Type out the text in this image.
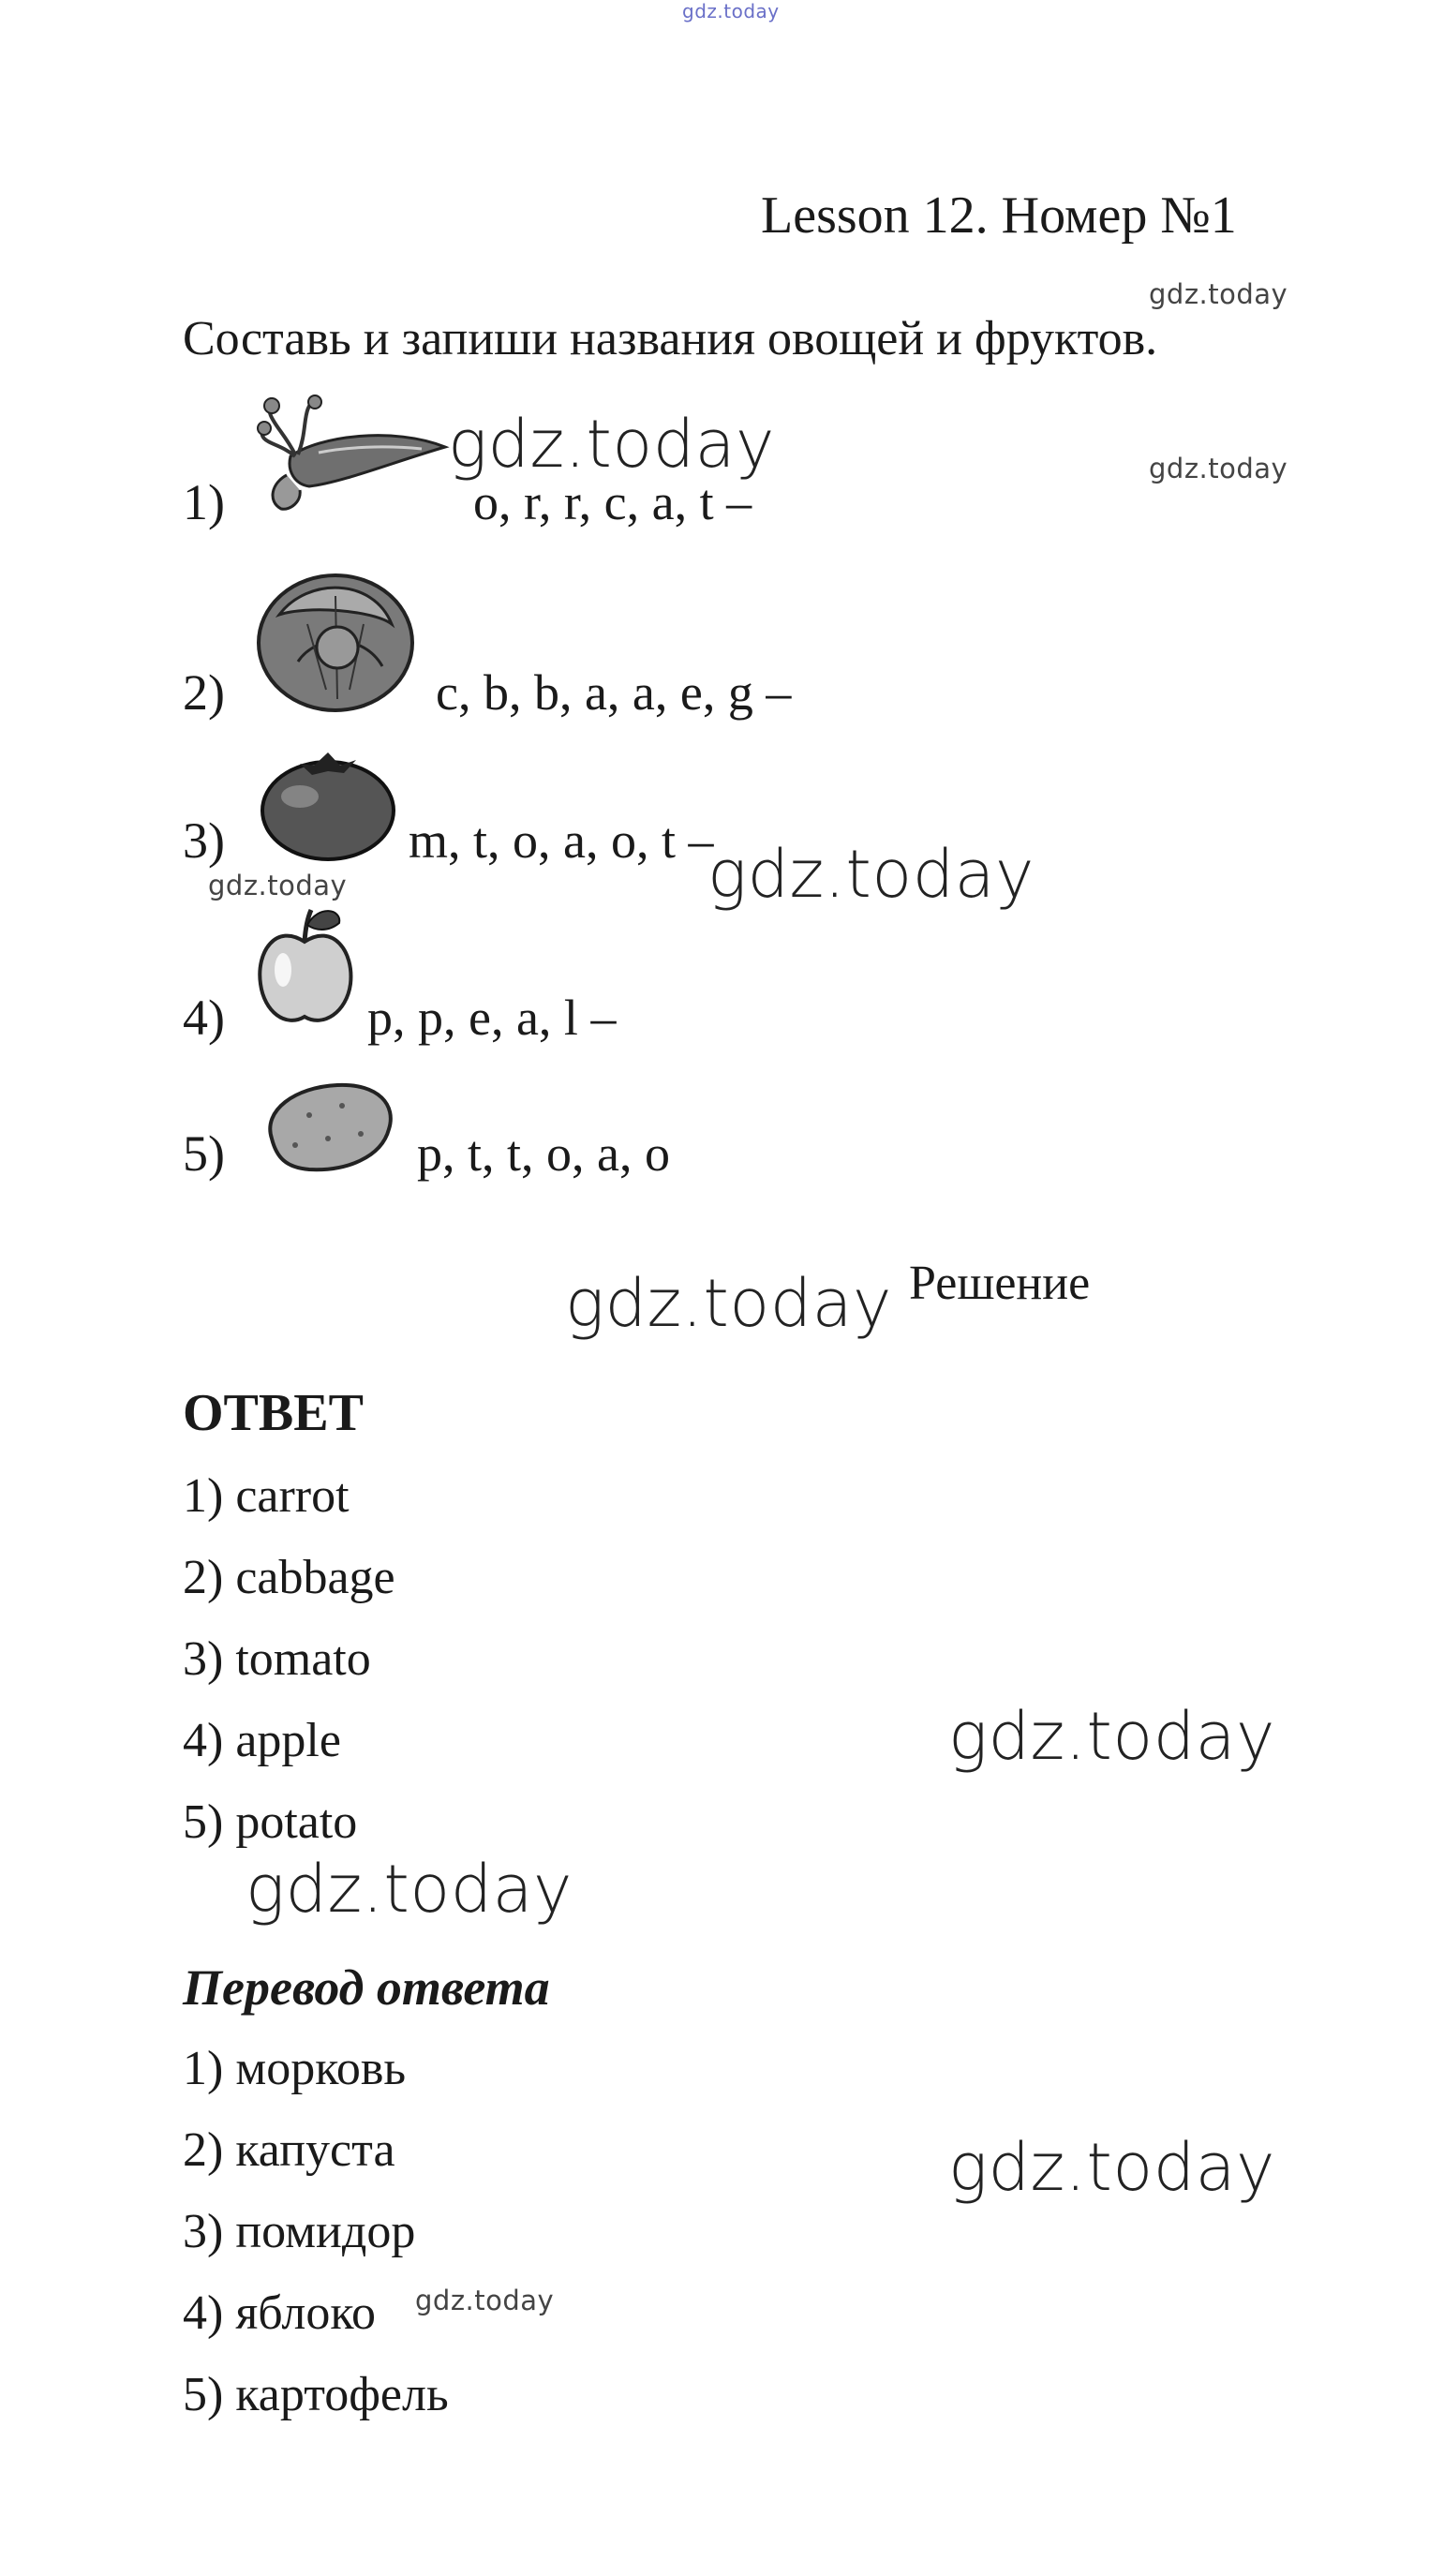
gdz.today
gdz.today
gdz.today
gdz.today
gdz.today
gdz.today
gdz.today
gdz.today
gdz.today
gdz.today
gdz.today
Lesson 12. Номер №1
Составь и запиши названия овощей и фруктов.
1)	o, r, r, c, a, t –
2)	c, b, b, a, a, e, g –
3)	m, t, o, a, o, t –
4)	p, p, e, a, l –
5)	p, t, t, o, a, o
Решение
ОТВЕТ
1) carrot
2) cabbage
3) tomato
4) apple
5) potato
Перевод ответа
1) морковь
2) капуста
3) помидор
4) яблоко
5) картофель
